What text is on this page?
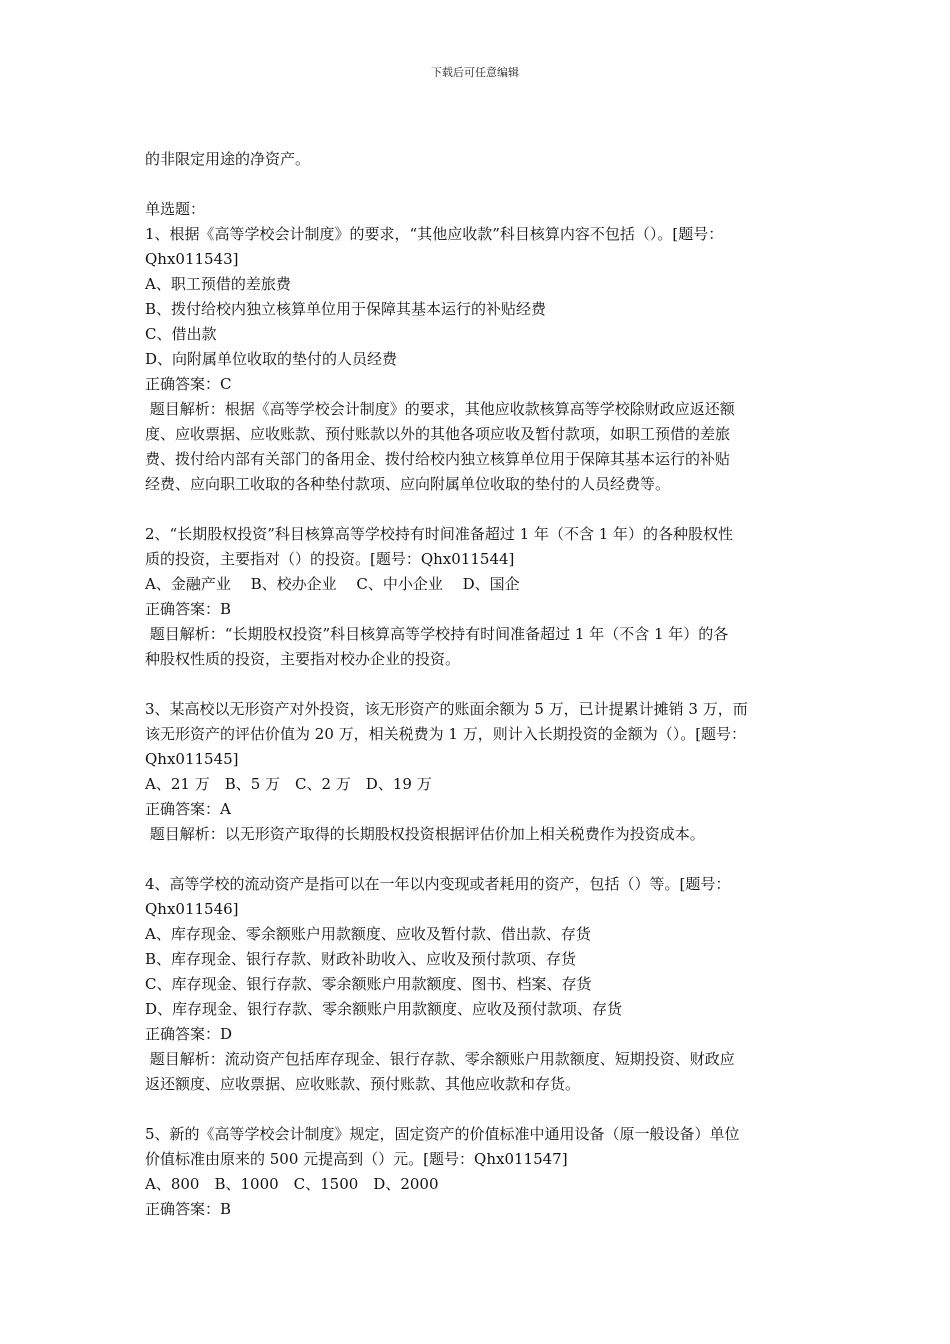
下载后可任意编辑
的非限定用途的净资产。
单选题：
1、根据《高等学校会计制度》的要求，“其他应收款”科目核算内容不包括（）。[题号：
Qhx011543]
A、职工预借的差旅费
B、拨付给校内独立核算单位用于保障其基本运行的补贴经费
C、借出款
D、向附属单位收取的垫付的人员经费
正确答案：C
题目解析：根据《高等学校会计制度》的要求，其他应收款核算高等学校除财政应返还额
度、应收票据、应收账款、预付账款以外的其他各项应收及暂付款项，如职工预借的差旅
费、拨付给内部有关部门的备用金、拨付给校内独立核算单位用于保障其基本运行的补贴
经费、应向职工收取的各种垫付款项、应向附属单位收取的垫付的人员经费等。
2、“长期股权投资”科目核算高等学校持有时间准备超过 1 年（不含 1 年）的各种股权性
质的投资，主要指对（）的投资。[题号：Qhx011544]
A、金融产业　 B、校办企业　 C、中小企业　 D、国企
正确答案：B
题目解析：“长期股权投资”科目核算高等学校持有时间准备超过 1 年（不含 1 年）的各
种股权性质的投资，主要指对校办企业的投资。
3、某高校以无形资产对外投资，该无形资产的账面余额为 5 万，已计提累计摊销 3 万，而
该无形资产的评估价值为 20 万，相关税费为 1 万，则计入长期投资的金额为（）。[题号：
Qhx011545]
A、21 万　B、5 万　C、2 万　D、19 万
正确答案：A
题目解析：以无形资产取得的长期股权投资根据评估价加上相关税费作为投资成本。
4、高等学校的流动资产是指可以在一年以内变现或者耗用的资产，包括（）等。[题号：
Qhx011546]
A、库存现金、零余额账户用款额度、应收及暂付款、借出款、存货
B、库存现金、银行存款、财政补助收入、应收及预付款项、存货
C、库存现金、银行存款、零余额账户用款额度、图书、档案、存货
D、库存现金、银行存款、零余额账户用款额度、应收及预付款项、存货
正确答案：D
题目解析：流动资产包括库存现金、银行存款、零余额账户用款额度、短期投资、财政应
返还额度、应收票据、应收账款、预付账款、其他应收款和存货。
5、新的《高等学校会计制度》规定，固定资产的价值标准中通用设备（原一般设备）单位
价值标准由原来的 500 元提高到（）元。[题号：Qhx011547]
A、800　B、1000　C、1500　D、2000
正确答案：B
